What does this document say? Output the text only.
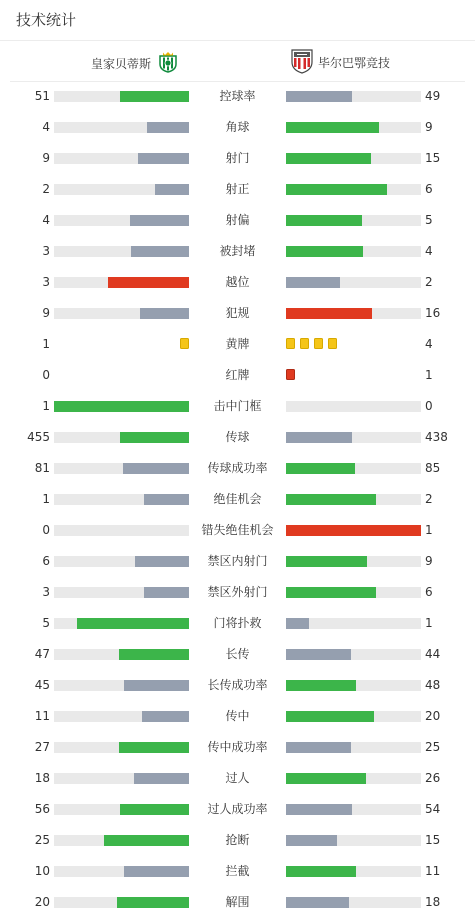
技术统计
皇家贝蒂斯	毕尔巴鄂竞技
51	控球率	49
4	角球	9
9	射门	15
2	射正	6
4	射偏	5
3	被封堵	4
3	越位	2
9	犯规	16
1	黄牌	4
0	红牌	1
1	击中门框	0
455	传球	438
81	传球成功率	85
1	绝佳机会	2
0	错失绝佳机会	1
6	禁区内射门	9
3	禁区外射门	6
5	门将扑救	1
47	长传	44
45	长传成功率	48
11	传中	20
27	传中成功率	25
18	过人	26
56	过人成功率	54
25	抢断	15
10	拦截	11
20	解围	18
